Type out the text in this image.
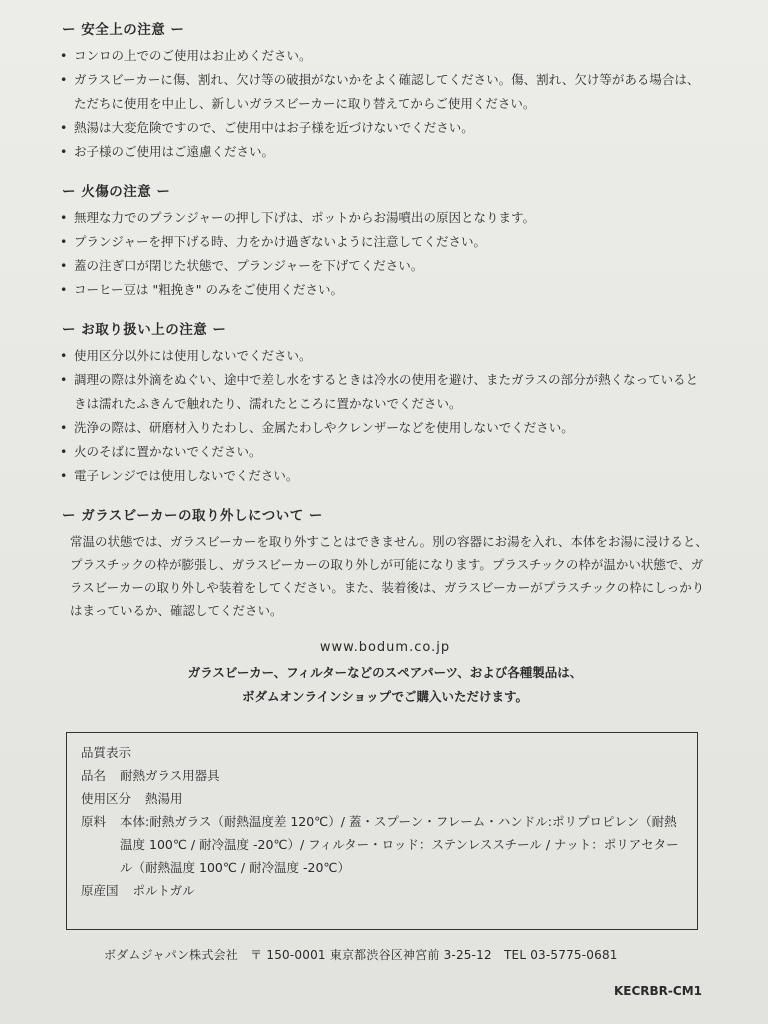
ー 安全上の注意 ー
• コンロの上でのご使用はお止めください。
• ガラスビーカーに傷、割れ、欠け等の破損がないかをよく確認してください。傷、割れ、欠け等がある場合は、ただちに使用を中止し、新しいガラスビーカーに取り替えてからご使用ください。
• 熱湯は大変危険ですので、ご使用中はお子様を近づけないでください。
• お子様のご使用はご遠慮ください。
ー 火傷の注意 ー
• 無理な力でのプランジャーの押し下げは、ポットからお湯噴出の原因となります。
• プランジャーを押下げる時、力をかけ過ぎないように注意してください。
• 蓋の注ぎ口が閉じた状態で、プランジャーを下げてください。
• コーヒー豆は "粗挽き" のみをご使用ください。
ー お取り扱い上の注意 ー
• 使用区分以外には使用しないでください。
• 調理の際は外滴をぬぐい、途中で差し水をするときは冷水の使用を避け、またガラスの部分が熱くなっているときは濡れたふきんで触れたり、濡れたところに置かないでください。
• 洗浄の際は、研磨材入りたわし、金属たわしやクレンザーなどを使用しないでください。
• 火のそばに置かないでください。
• 電子レンジでは使用しないでください。
ー ガラスビーカーの取り外しについて ー

常温の状態では、ガラスビーカーを取り外すことはできません。別の容器にお湯を入れ、本体をお湯に浸けると、プラスチックの枠が膨張し、ガラスビーカーの取り外しが可能になります。プラスチックの枠が温かい状態で、ガラスビーカーの取り外しや装着をしてください。また、装着後は、ガラスビーカーがプラスチックの枠にしっかりはまっているか、確認してください。

www.bodum.co.jp
ガラスビーカー、フィルターなどのスペアパーツ、および各種製品は、
ボダムオンラインショップでご購入いただけます。
品質表示
品名 耐熱ガラス用器具
使用区分 熱湯用
原料 本体:耐熱ガラス（耐熱温度差 120℃）/ 蓋・スプーン・フレーム・ハンドル:ポリプロピレン（耐熱温度 100℃ / 耐冷温度 -20℃）/ フィルター・ロッド：ステンレススチール / ナット：ポリアセタール（耐熱温度 100℃ / 耐冷温度 -20℃）
原産国 ポルトガル
ボダムジャパン株式会社　〒 150-0001 東京都渋谷区神宮前 3-25-12　TEL 03-5775-0681
KECRBR-CM1
